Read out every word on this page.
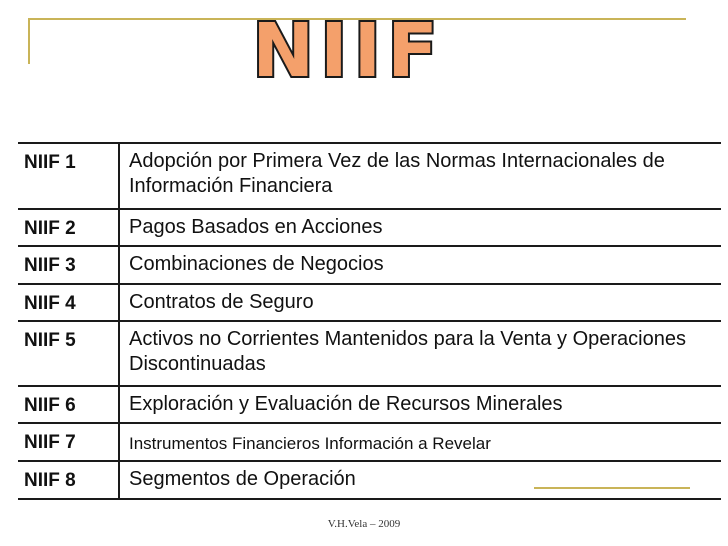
NIIF
NIIF 1	Adopción por Primera Vez de las Normas Internacionales de Información Financiera
NIIF 2	Pagos Basados en Acciones
NIIF 3	Combinaciones de Negocios
NIIF 4	Contratos de Seguro
NIIF 5	Activos no Corrientes Mantenidos para la Venta y Operaciones Discontinuadas
NIIF 6	Exploración y Evaluación de Recursos Minerales
NIIF 7	Instrumentos Financieros Información a Revelar
NIIF 8	Segmentos de Operación
V.H.Vela – 2009
